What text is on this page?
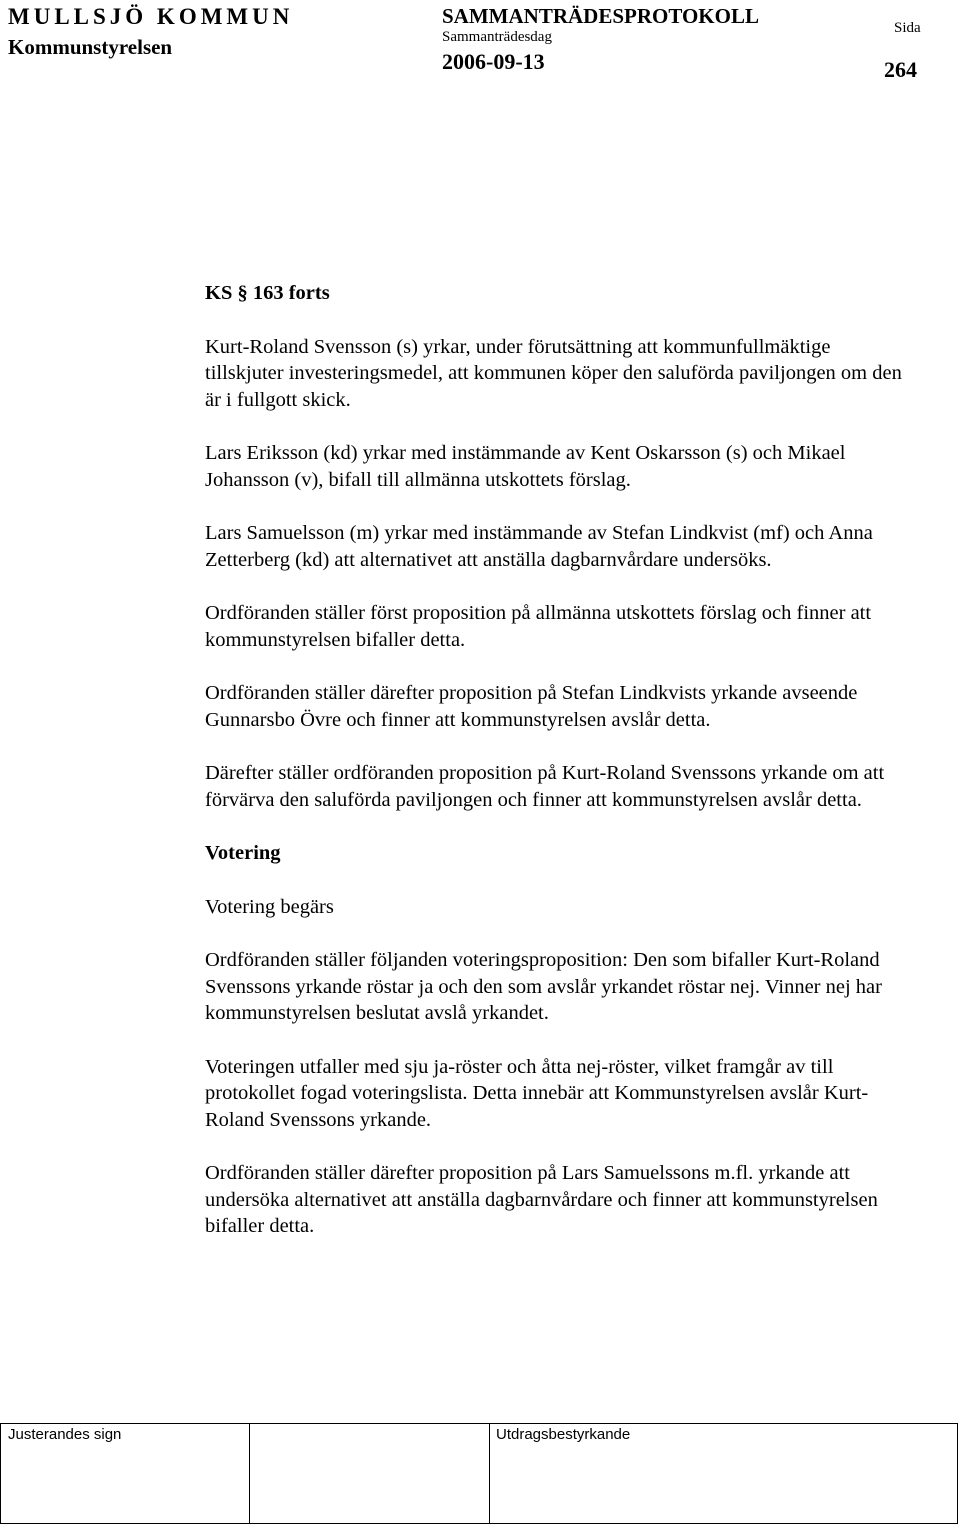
MULLSJÖ KOMMUN
Kommunstyrelsen
SAMMANTRÄDESPROTOKOLL
Sammanträdesdag
2006-09-13
Sida
264

KS § 163 forts

Kurt-Roland Svensson (s) yrkar, under förutsättning att kommunfullmäktige tillskjuter investeringsmedel, att kommunen köper den saluförda paviljongen om den är i fullgott skick.

Lars Eriksson (kd) yrkar med instämmande av Kent Oskarsson (s) och Mikael Johansson (v), bifall till allmänna utskottets förslag.

Lars Samuelsson (m) yrkar med instämmande av Stefan Lindkvist (mf) och Anna Zetterberg (kd) att alternativet att anställa dagbarnvårdare undersöks.

Ordföranden ställer först proposition på allmänna utskottets förslag och finner att kommunstyrelsen bifaller detta.

Ordföranden ställer därefter proposition på Stefan Lindkvists yrkande avseende Gunnarsbo Övre och finner att kommunstyrelsen avslår detta.

Därefter ställer ordföranden proposition på Kurt-Roland Svenssons yrkande om att förvärva den saluförda paviljongen och finner att kommunstyrelsen avslår detta.

Votering

Votering begärs

Ordföranden ställer följanden voteringsproposition: Den som bifaller Kurt-Roland Svenssons yrkande röstar ja och den som avslår yrkandet röstar nej. Vinner nej har kommunstyrelsen beslutat avslå yrkandet.

Voteringen utfaller med sju ja-röster och åtta nej-röster, vilket framgår av till protokollet fogad voteringslista. Detta innebär att Kommunstyrelsen avslår Kurt-Roland Svenssons yrkande.

Ordföranden ställer därefter proposition på Lars Samuelssons m.fl. yrkande att undersöka alternativet att anställa dagbarnvårdare och finner att kommunstyrelsen bifaller detta.

Justerandes sign	Utdragsbestyrkande
